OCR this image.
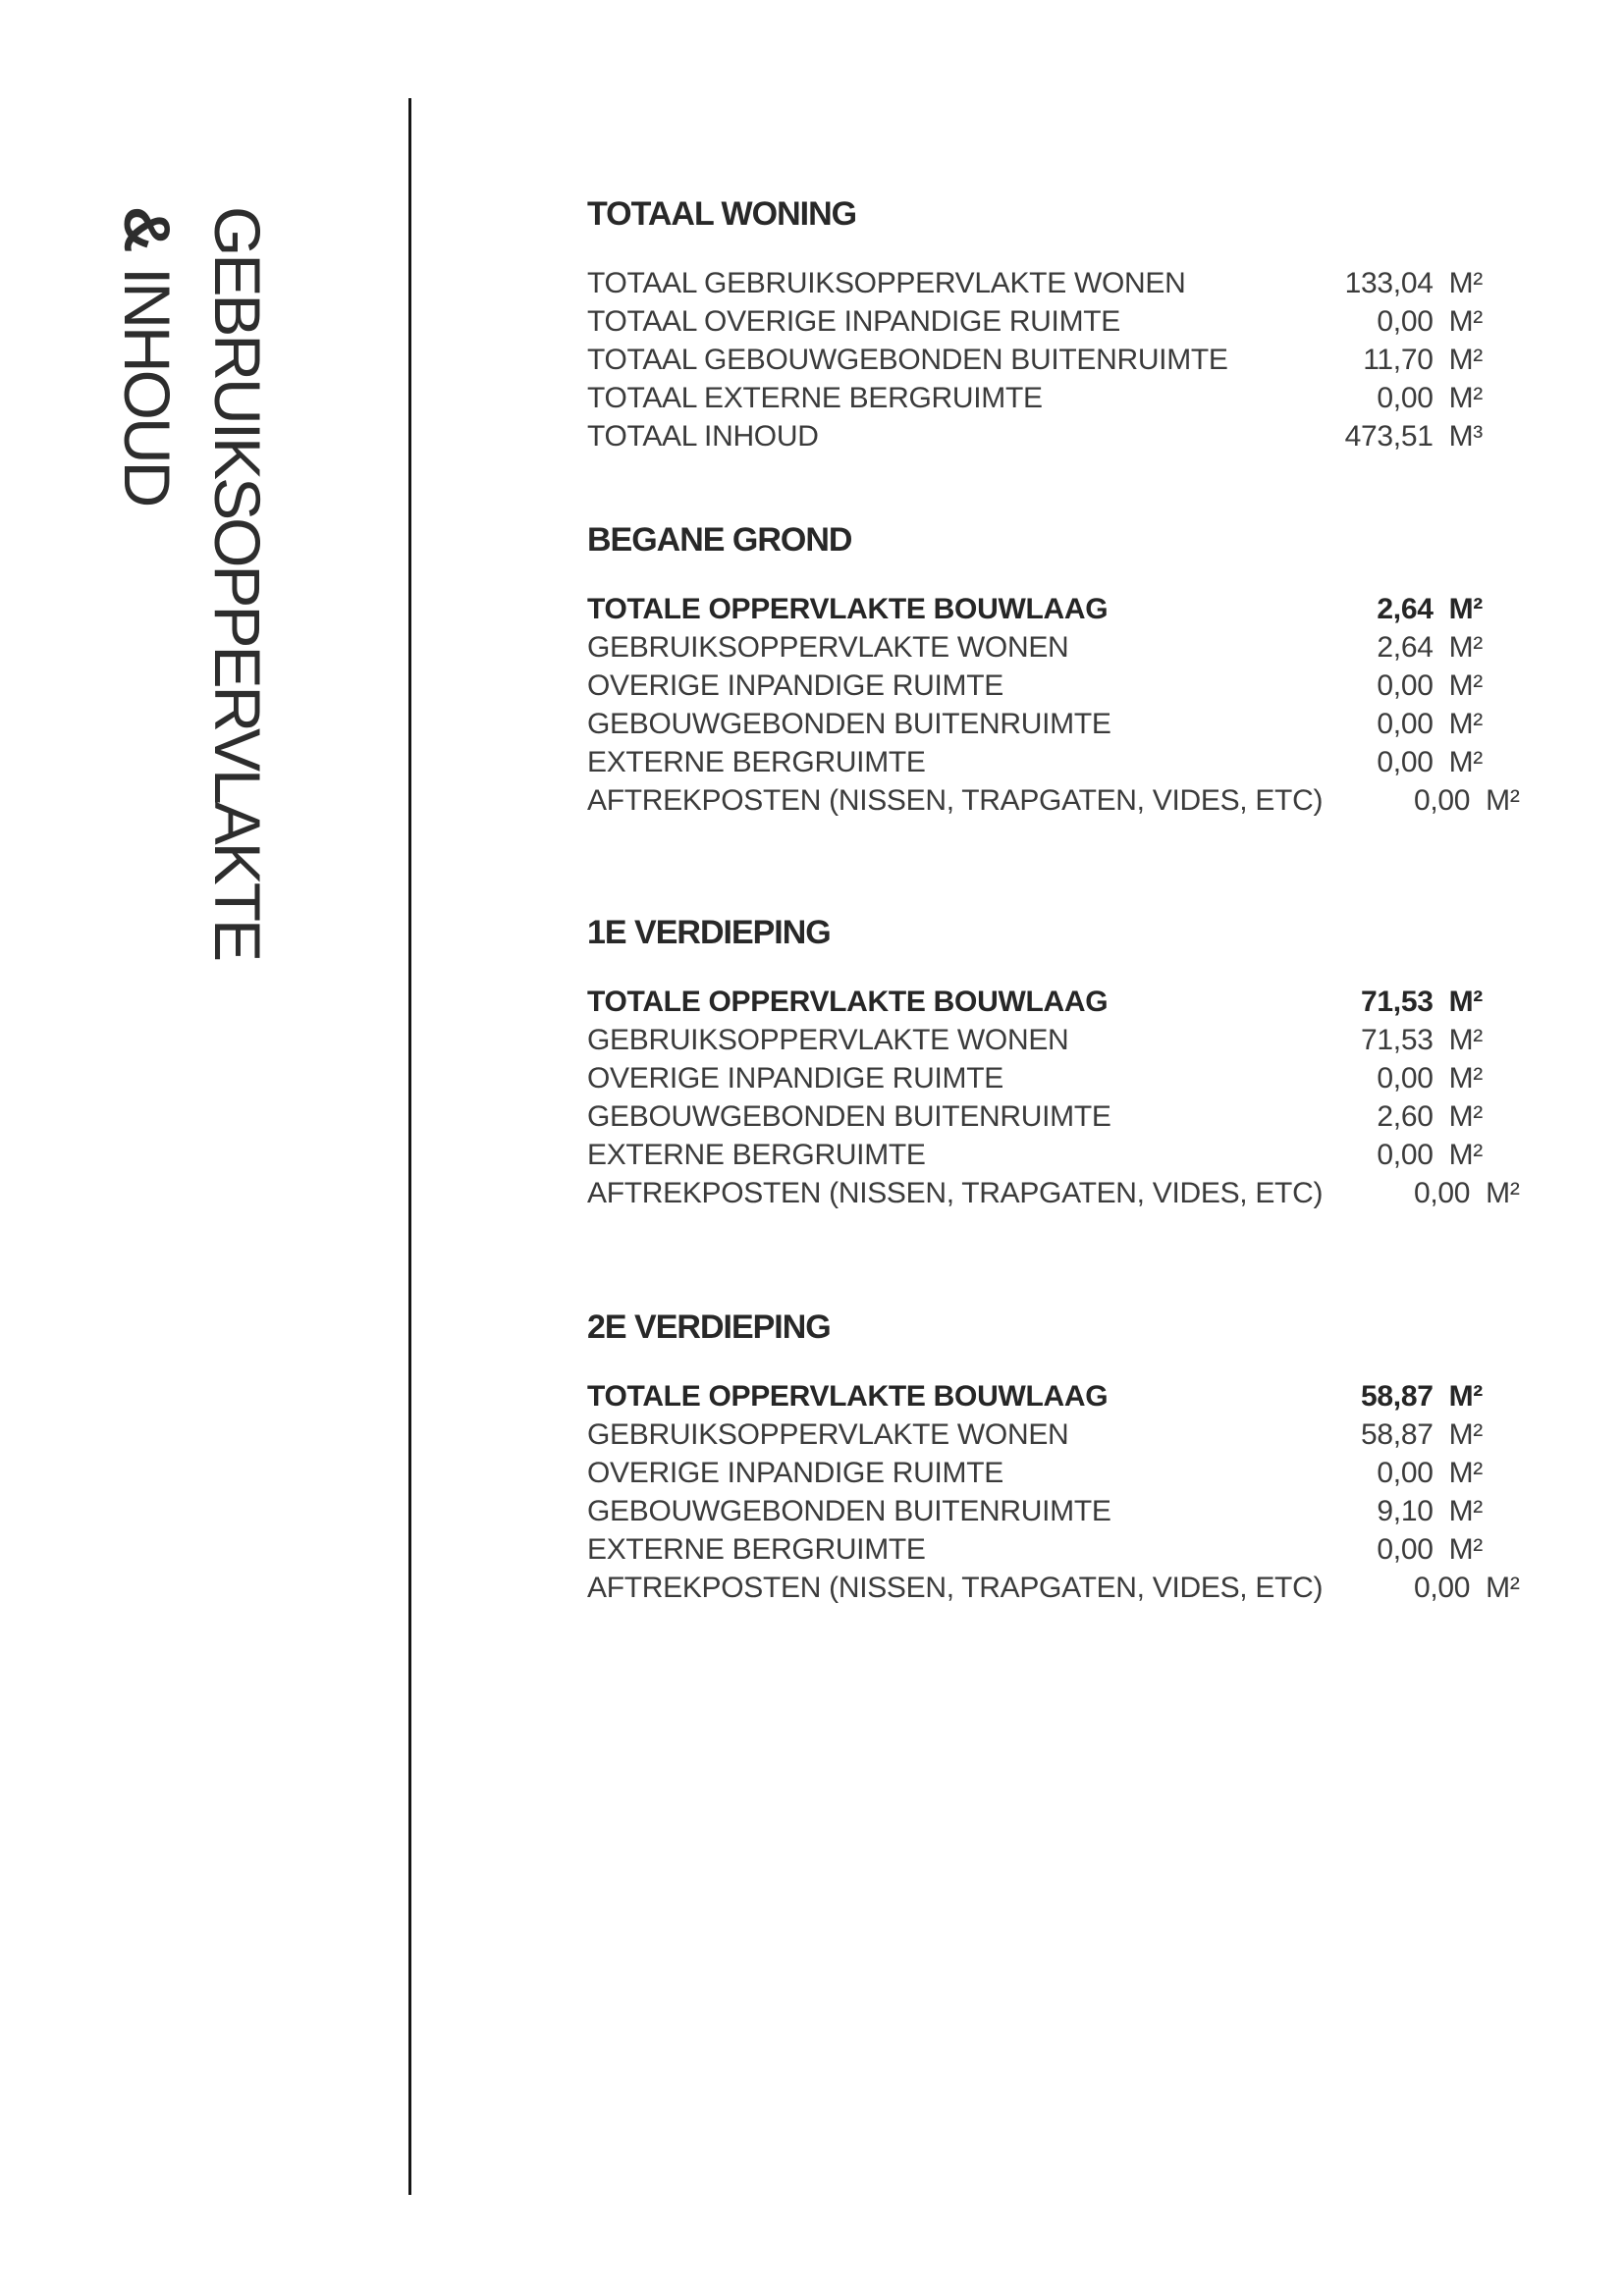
GEBRUIKSOPPERVLAKTE
& INHOUD
TOTAAL WONING
TOTAAL GEBRUIKSOPPERVLAKTE WONEN	133,04 M²
TOTAAL OVERIGE INPANDIGE RUIMTE	0,00 M²
TOTAAL GEBOUWGEBONDEN BUITENRUIMTE	11,70 M²
TOTAAL EXTERNE BERGRUIMTE	0,00 M²
TOTAAL INHOUD	473,51 M³
BEGANE GROND
TOTALE OPPERVLAKTE BOUWLAAG	2,64 M²
GEBRUIKSOPPERVLAKTE WONEN	2,64 M²
OVERIGE INPANDIGE RUIMTE	0,00 M²
GEBOUWGEBONDEN BUITENRUIMTE	0,00 M²
EXTERNE BERGRUIMTE	0,00 M²
AFTREKPOSTEN (NISSEN, TRAPGATEN, VIDES, ETC)	0,00 M²
1E VERDIEPING
TOTALE OPPERVLAKTE BOUWLAAG	71,53 M²
GEBRUIKSOPPERVLAKTE WONEN	71,53 M²
OVERIGE INPANDIGE RUIMTE	0,00 M²
GEBOUWGEBONDEN BUITENRUIMTE	2,60 M²
EXTERNE BERGRUIMTE	0,00 M²
AFTREKPOSTEN (NISSEN, TRAPGATEN, VIDES, ETC)	0,00 M²
2E VERDIEPING
TOTALE OPPERVLAKTE BOUWLAAG	58,87 M²
GEBRUIKSOPPERVLAKTE WONEN	58,87 M²
OVERIGE INPANDIGE RUIMTE	0,00 M²
GEBOUWGEBONDEN BUITENRUIMTE	9,10 M²
EXTERNE BERGRUIMTE	0,00 M²
AFTREKPOSTEN (NISSEN, TRAPGATEN, VIDES, ETC)	0,00 M²
